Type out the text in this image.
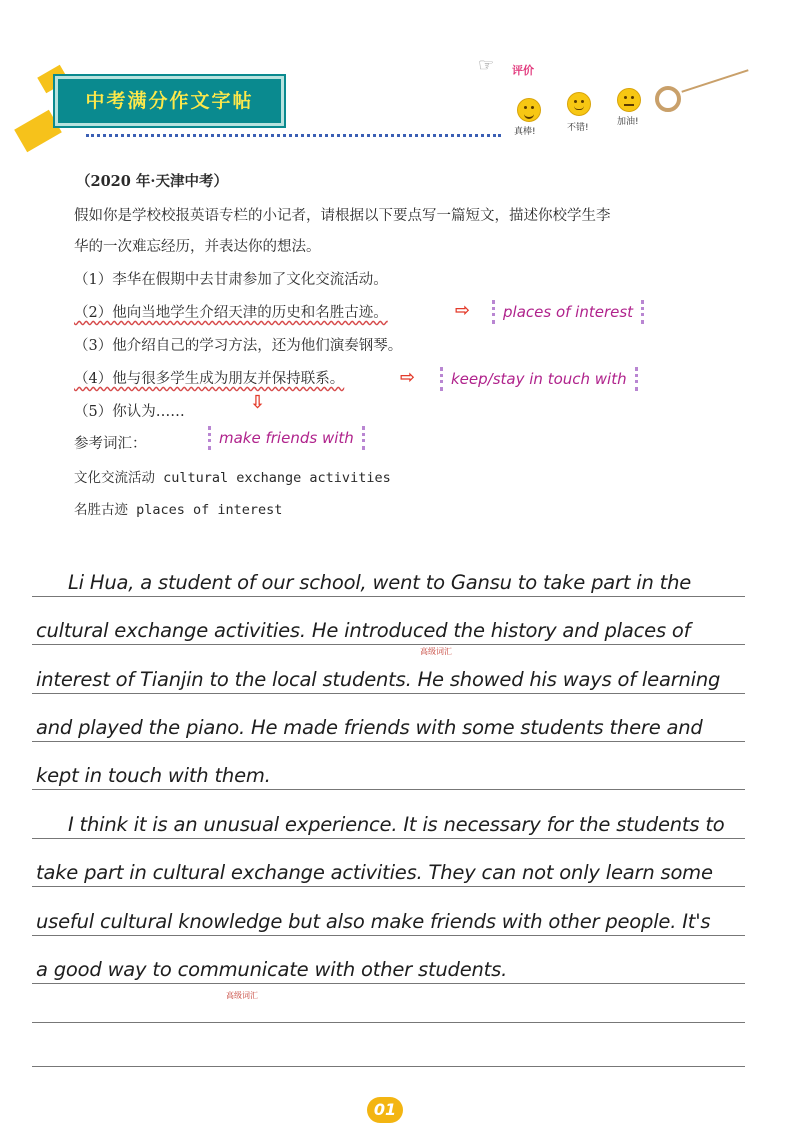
中考满分作文字帖
☞ 评价
真棒!	不错!
加油!
（2020 年·天津中考）
假如你是学校校报英语专栏的小记者，请根据以下要点写一篇短文，描述你校学生李
华的一次难忘经历，并表达你的想法。
（1）李华在假期中去甘肃参加了文化交流活动。
（2）他向当地学生介绍天津的历史和名胜古迹。
（3）他介绍自己的学习方法，还为他们演奏钢琴。
（4）他与很多学生成为朋友并保持联系。
（5）你认为……
参考词汇：
文化交流活动 cultural exchange activities
名胜古迹 places of interest
⇨	places of interest
⇨	keep/stay in touch with
⇩
make friends with
Li Hua, a student of our school, went to Gansu to take part in the
cultural exchange activities. He introduced the history and places of
interest of Tianjin to the local students. He showed his ways of learning
and played the piano. He made friends with some students there and
kept in touch with them.
I think it is an unusual experience. It is necessary for the students to
take part in cultural exchange activities. They can not only learn some
useful cultural knowledge but also make friends with other people. It's
a good way to communicate with other students.
高级词汇
高级词汇
01
